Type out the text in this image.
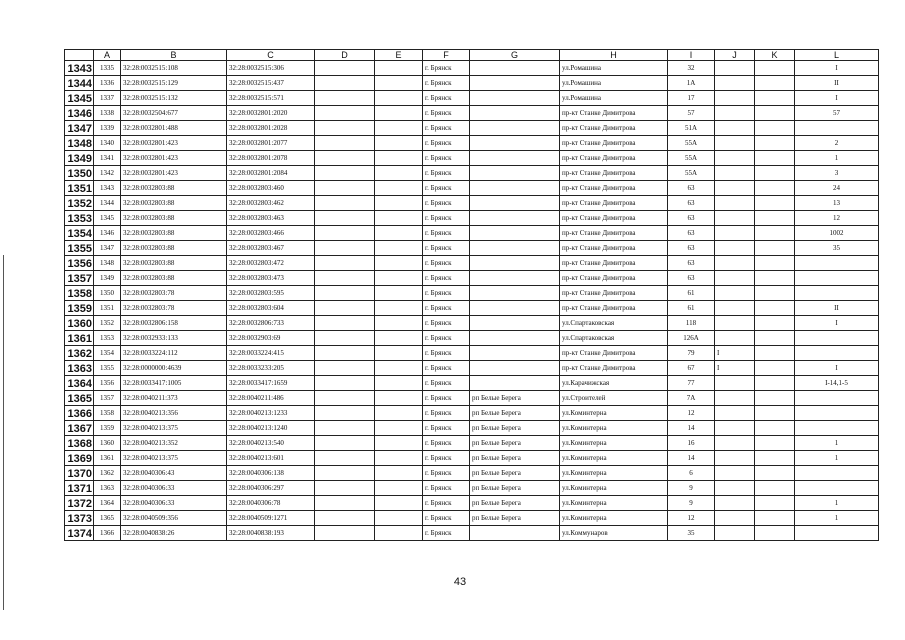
	A	B	C	D	E	F	G	H	I	J	K	L
1343	1335	32:28:0032515:108	32:28:0032515:306			г. Брянск		ул.Ромашина	32			I
1344	1336	32:28:0032515:129	32:28:0032515:437			г. Брянск		ул.Ромашина	1А			II
1345	1337	32:28:0032515:132	32:28:0032515:571			г. Брянск		ул.Ромашина	17			I
1346	1338	32:28:0032504:677	32:28:0032801:2020			г. Брянск		пр-кт Станке Димитрова	57			57
1347	1339	32:28:0032801:488	32:28:0032801:2028			г. Брянск		пр-кт Станке Димитрова	51А			
1348	1340	32:28:0032801:423	32:28:0032801:2077			г. Брянск		пр-кт Станке Димитрова	55А			2
1349	1341	32:28:0032801:423	32:28:0032801:2078			г. Брянск		пр-кт Станке Димитрова	55А			1
1350	1342	32:28:0032801:423	32:28:0032801:2084			г. Брянск		пр-кт Станке Димитрова	55А			3
1351	1343	32:28:0032803:88	32:28:0032803:460			г. Брянск		пр-кт Станке Димитрова	63			24
1352	1344	32:28:0032803:88	32:28:0032803:462			г. Брянск		пр-кт Станке Димитрова	63			13
1353	1345	32:28:0032803:88	32:28:0032803:463			г. Брянск		пр-кт Станке Димитрова	63			12
1354	1346	32:28:0032803:88	32:28:0032803:466			г. Брянск		пр-кт Станке Димитрова	63			1002
1355	1347	32:28:0032803:88	32:28:0032803:467			г. Брянск		пр-кт Станке Димитрова	63			35
1356	1348	32:28:0032803:88	32:28:0032803:472			г. Брянск		пр-кт Станке Димитрова	63			
1357	1349	32:28:0032803:88	32:28:0032803:473			г. Брянск		пр-кт Станке Димитрова	63			
1358	1350	32:28:0032803:78	32:28:0032803:595			г. Брянск		пр-кт Станке Димитрова	61			
1359	1351	32:28:0032803:78	32:28:0032803:604			г. Брянск		пр-кт Станке Димитрова	61			II
1360	1352	32:28:0032806:158	32:28:0032806:733			г. Брянск		ул.Спартаковская	118			I
1361	1353	32:28:0032933:133	32:28:0032903:69			г. Брянск		ул.Спартаковская	126А			
1362	1354	32:28:0033224:112	32:28:0033224:415			г. Брянск		пр-кт Станке Димитрова	79	I		
1363	1355	32:28:0000000:4639	32:28:0033233:205			г. Брянск		пр-кт Станке Димитрова	67	I		I
1364	1356	32:28:0033417:1005	32:28:0033417:1659			г. Брянск		ул.Карачижская	77			I-14,1-5
1365	1357	32:28:0040211:373	32:28:0040211:486			г. Брянск	рп Белые Берега	ул.Строителей	7А			
1366	1358	32:28:0040213:356	32:28:0040213:1233			г. Брянск	рп Белые Берега	ул.Коминтерна	12			
1367	1359	32:28:0040213:375	32:28:0040213:1240			г. Брянск	рп Белые Берега	ул.Коминтерна	14			
1368	1360	32:28:0040213:352	32:28:0040213:540			г. Брянск	рп Белые Берега	ул.Коминтерна	16			1
1369	1361	32:28:0040213:375	32:28:0040213:601			г. Брянск	рп Белые Берега	ул.Коминтерна	14			1
1370	1362	32:28:0040306:43	32:28:0040306:138			г. Брянск	рп Белые Берега	ул.Коминтерна	6			
1371	1363	32:28:0040306:33	32:28:0040306:297			г. Брянск	рп Белые Берега	ул.Коминтерна	9			
1372	1364	32:28:0040306:33	32:28:0040306:78			г. Брянск	рп Белые Берега	ул.Коминтерна	9			1
1373	1365	32:28:0040509:356	32:28:0040509:1271			г. Брянск	рп Белые Берега	ул.Коминтерна	12			1
1374	1366	32:28:0040838:26	32:28:0040838:193			г. Брянск		ул.Коммунаров	35			
43
